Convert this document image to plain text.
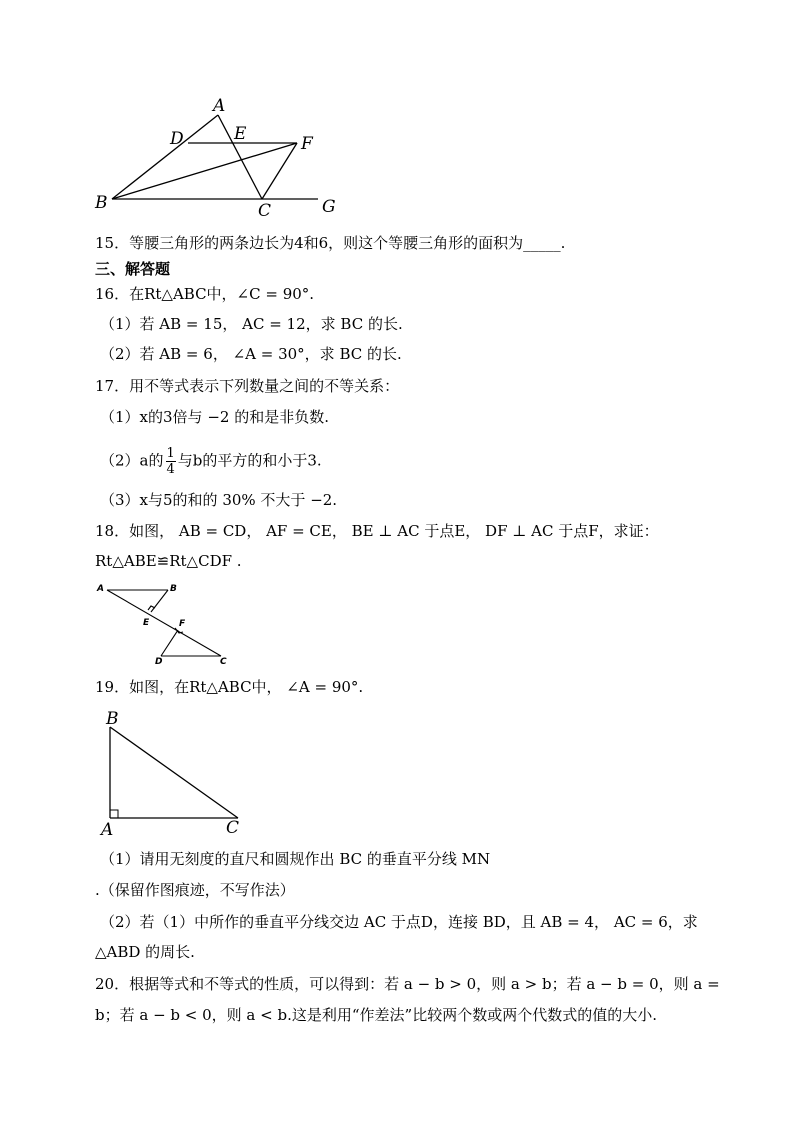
A
D	E	F
B	C	G
15．等腰三角形的两条边长为4和6，则这个等腰三角形的面积为_____.
三、解答题
16．在Rt△ABC中，∠C = 90°.
（1）若 AB = 15， AC = 12，求 BC 的长.
（2）若 AB = 6， ∠A = 30°，求 BC 的长.
17．用不等式表示下列数量之间的不等关系：
（1）x的3倍与 −2 的和是非负数.
（2）a的 $\frac{1}{4}$ 与b的平方的和小于3.
（3）x与5的和的 30% 不大于 −2.
18．如图， AB = CD， AF = CE， BE ⊥ AC 于点E， DF ⊥ AC 于点F，求证：
Rt△ABE≌Rt△CDF .
A	B
E	F
D	C
19．如图，在Rt△ABC中， ∠A = 90°.
B
A	C
（1）请用无刻度的直尺和圆规作出 BC 的垂直平分线 MN
.（保留作图痕迹，不写作法）
（2）若（1）中所作的垂直平分线交边 AC 于点D，连接 BD，且 AB = 4， AC = 6，求
△ABD 的周长.
20．根据等式和不等式的性质，可以得到：若 a − b > 0，则 a > b；若 a − b = 0，则 a =
b；若 a − b < 0，则 a < b.这是利用“作差法”比较两个数或两个代数式的值的大小.
